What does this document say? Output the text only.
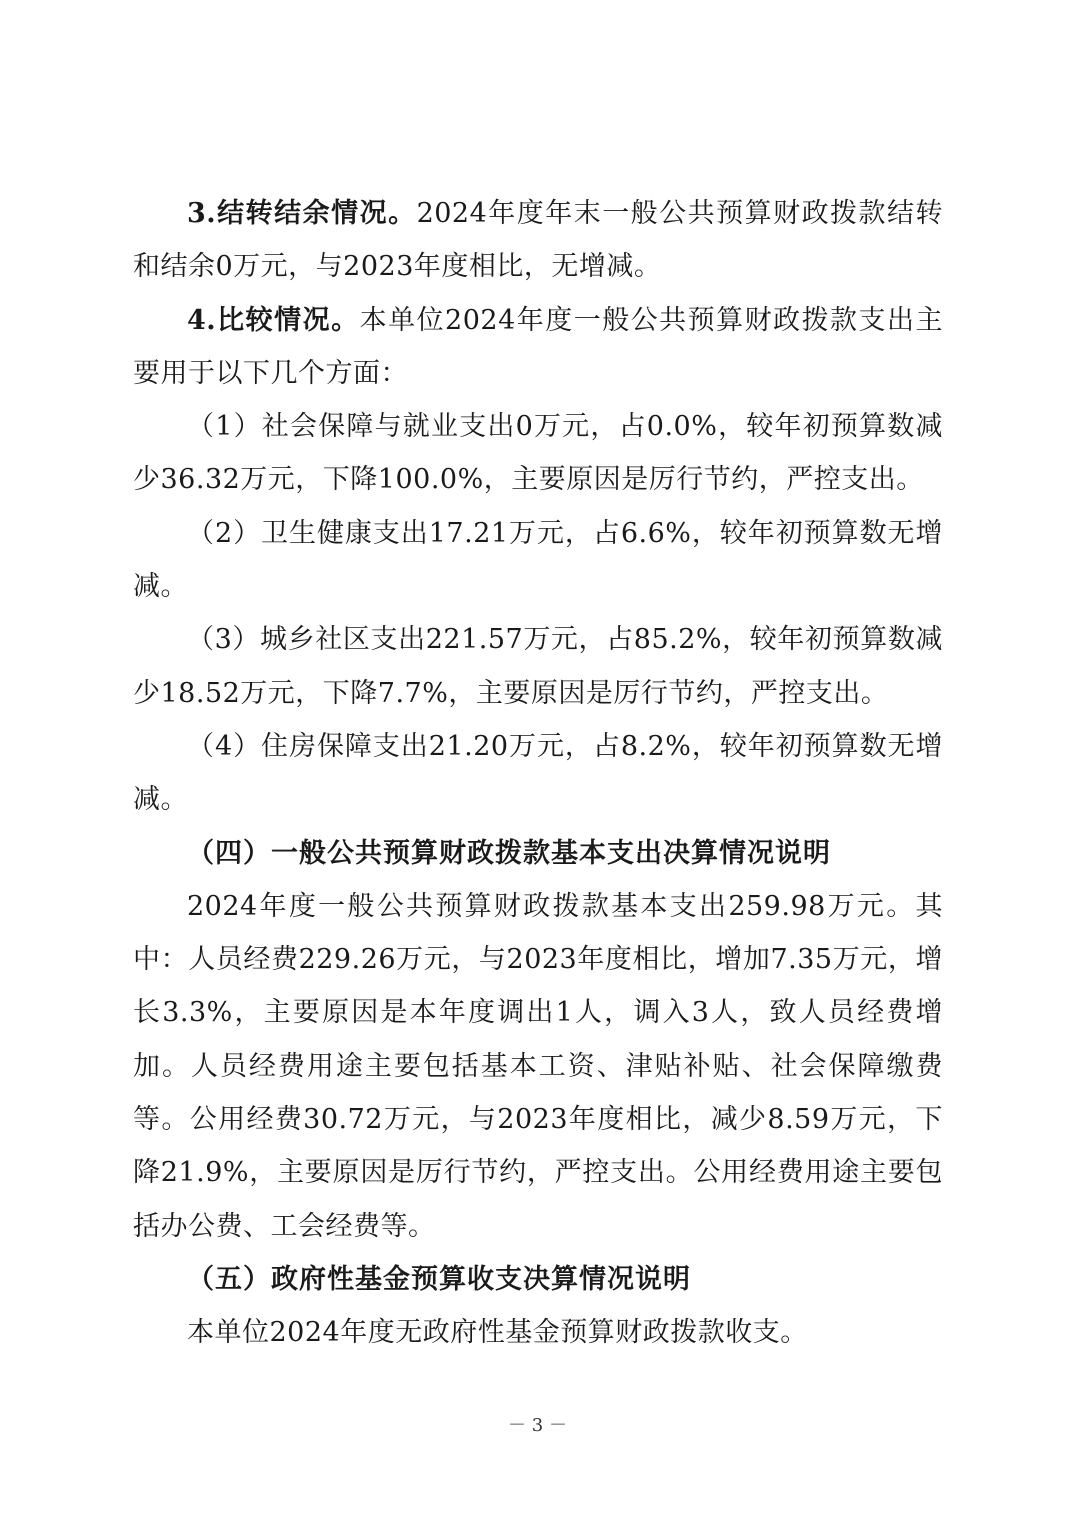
3.结转结余情况。2024年度年末一般公共预算财政拨款结转和结余0万元，与2023年度相比，无增减。

4.比较情况。本单位2024年度一般公共预算财政拨款支出主要用于以下几个方面：

（1）社会保障与就业支出0万元，占0.0%，较年初预算数减少36.32万元，下降100.0%，主要原因是厉行节约，严控支出。

（2）卫生健康支出17.21万元，占6.6%，较年初预算数无增减。

（3）城乡社区支出221.57万元，占85.2%，较年初预算数减少18.52万元，下降7.7%，主要原因是厉行节约，严控支出。

（4）住房保障支出21.20万元，占8.2%，较年初预算数无增减。

（四）一般公共预算财政拨款基本支出决算情况说明

2024年度一般公共预算财政拨款基本支出259.98万元。其中：人员经费229.26万元，与2023年度相比，增加7.35万元，增长3.3%，主要原因是本年度调出1人，调入3人，致人员经费增加。人员经费用途主要包括基本工资、津贴补贴、社会保障缴费等。公用经费30.72万元，与2023年度相比，减少8.59万元，下降21.9%，主要原因是厉行节约，严控支出。公用经费用途主要包括办公费、工会经费等。

（五）政府性基金预算收支决算情况说明

本单位2024年度无政府性基金预算财政拨款收支。

－ 3 －
